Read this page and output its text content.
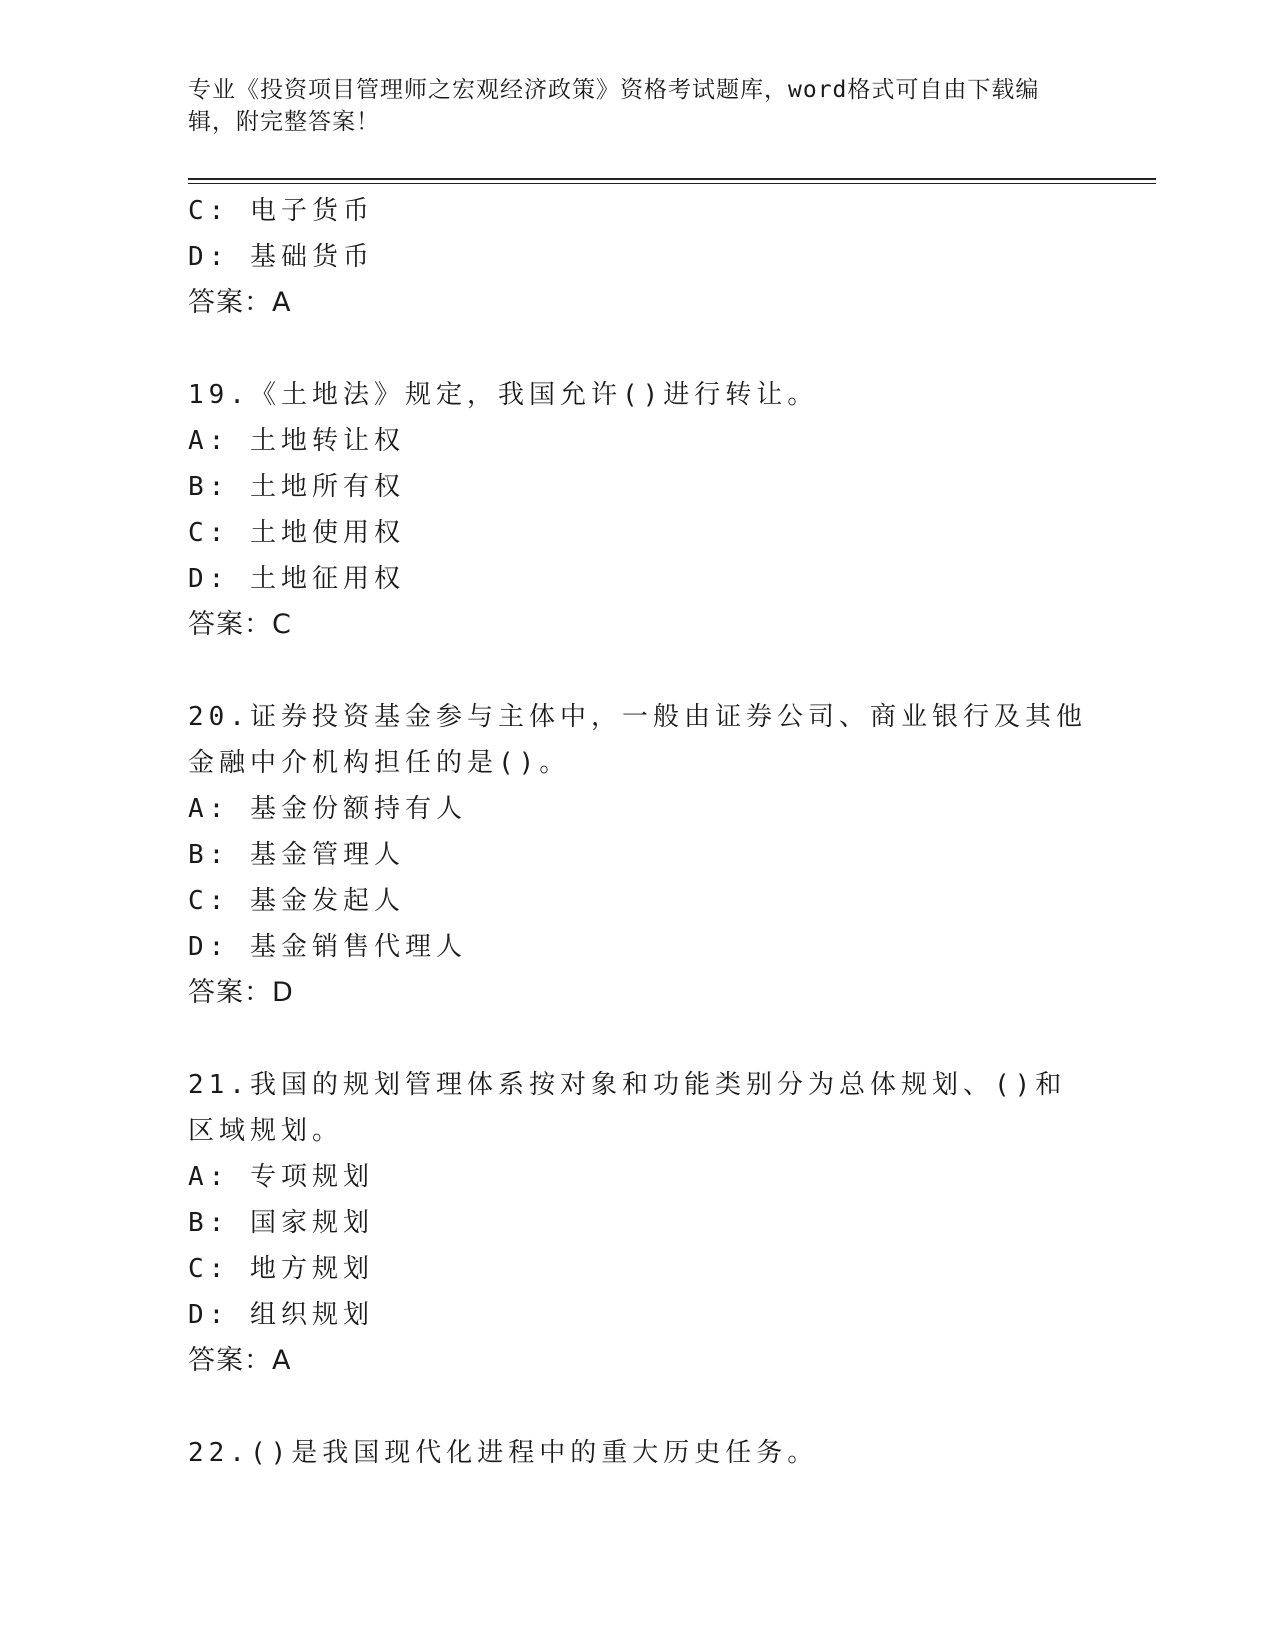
专业《投资项目管理师之宏观经济政策》资格考试题库，word格式可自由下载编辑，附完整答案！
C: 电子货币
D: 基础货币
答案：A
19.《土地法》规定，我国允许()进行转让。
A: 土地转让权
B: 土地所有权
C: 土地使用权
D: 土地征用权
答案：C
20.证券投资基金参与主体中，一般由证券公司、商业银行及其他金融中介机构担任的是()。
A: 基金份额持有人
B: 基金管理人
C: 基金发起人
D: 基金销售代理人
答案：D
21.我国的规划管理体系按对象和功能类别分为总体规划、()和区域规划。
A: 专项规划
B: 国家规划
C: 地方规划
D: 组织规划
答案：A
22.()是我国现代化进程中的重大历史任务。
